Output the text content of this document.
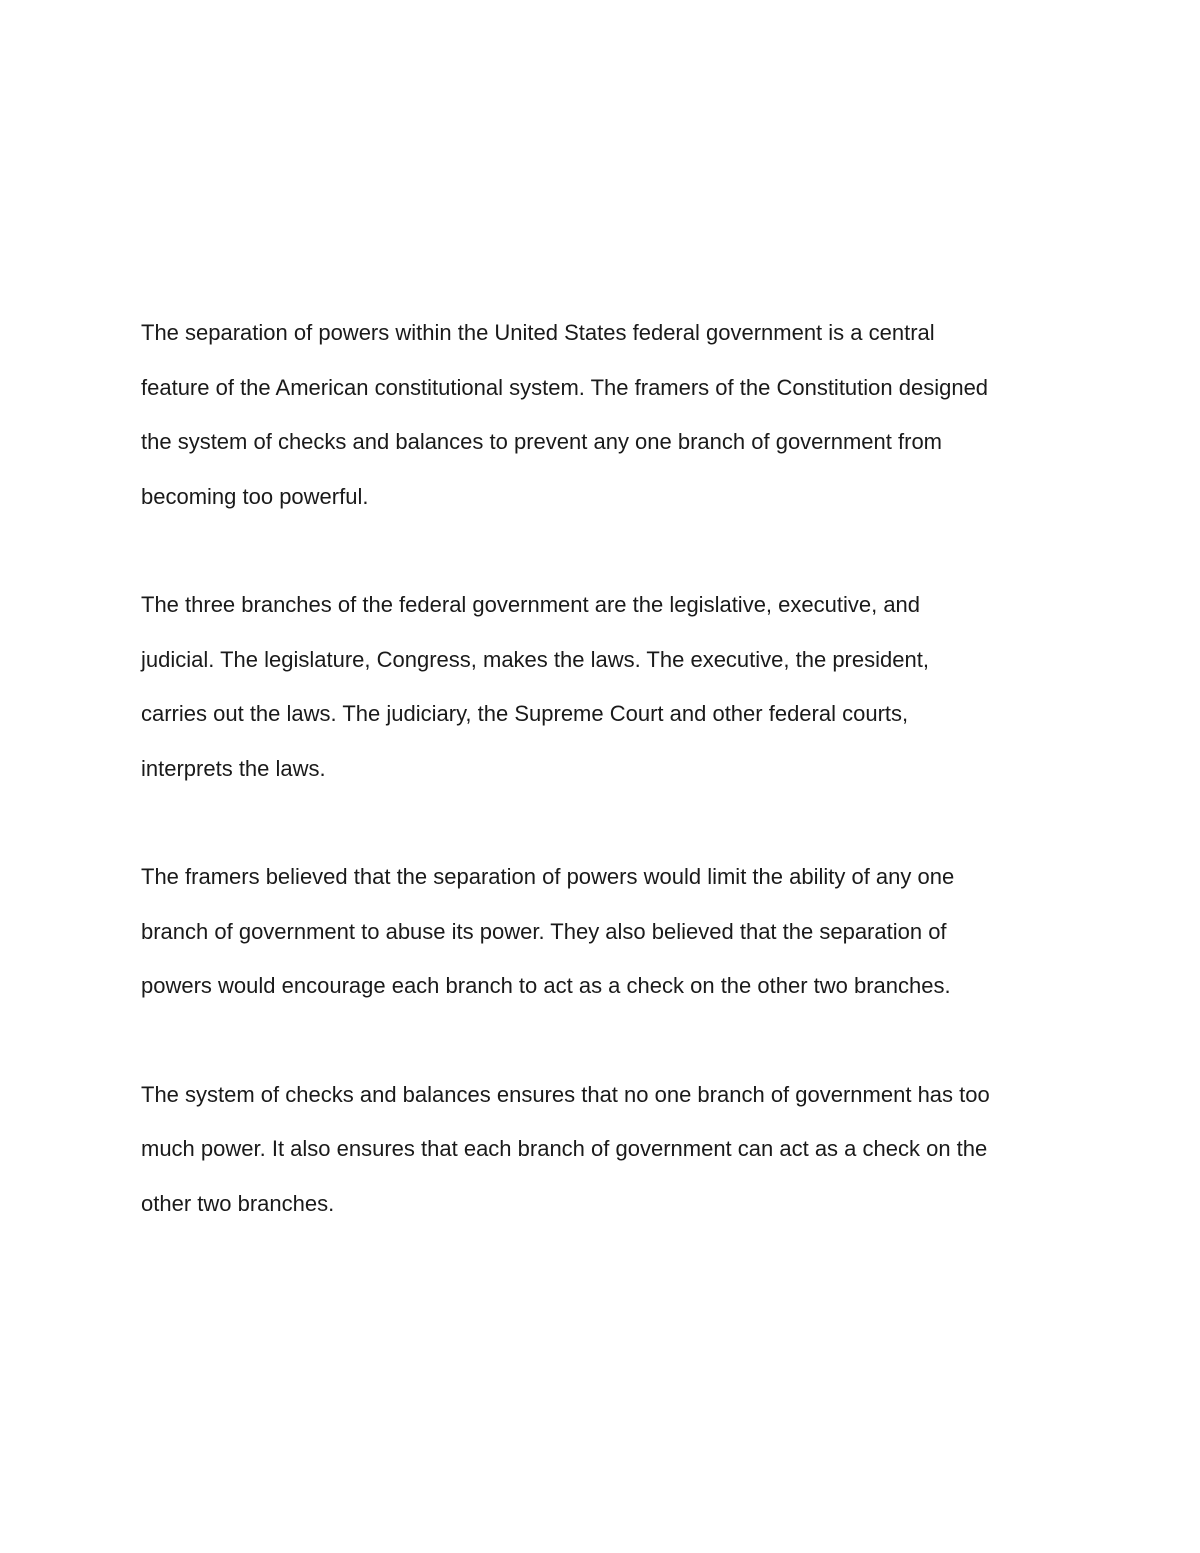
The separation of powers within the United States federal government is a central
feature of the American constitutional system. The framers of the Constitution designed
the system of checks and balances to prevent any one branch of government from
becoming too powerful.

The three branches of the federal government are the legislative, executive, and
judicial. The legislature, Congress, makes the laws. The executive, the president,
carries out the laws. The judiciary, the Supreme Court and other federal courts,
interprets the laws.

The framers believed that the separation of powers would limit the ability of any one
branch of government to abuse its power. They also believed that the separation of
powers would encourage each branch to act as a check on the other two branches.

The system of checks and balances ensures that no one branch of government has too
much power. It also ensures that each branch of government can act as a check on the
other two branches.
